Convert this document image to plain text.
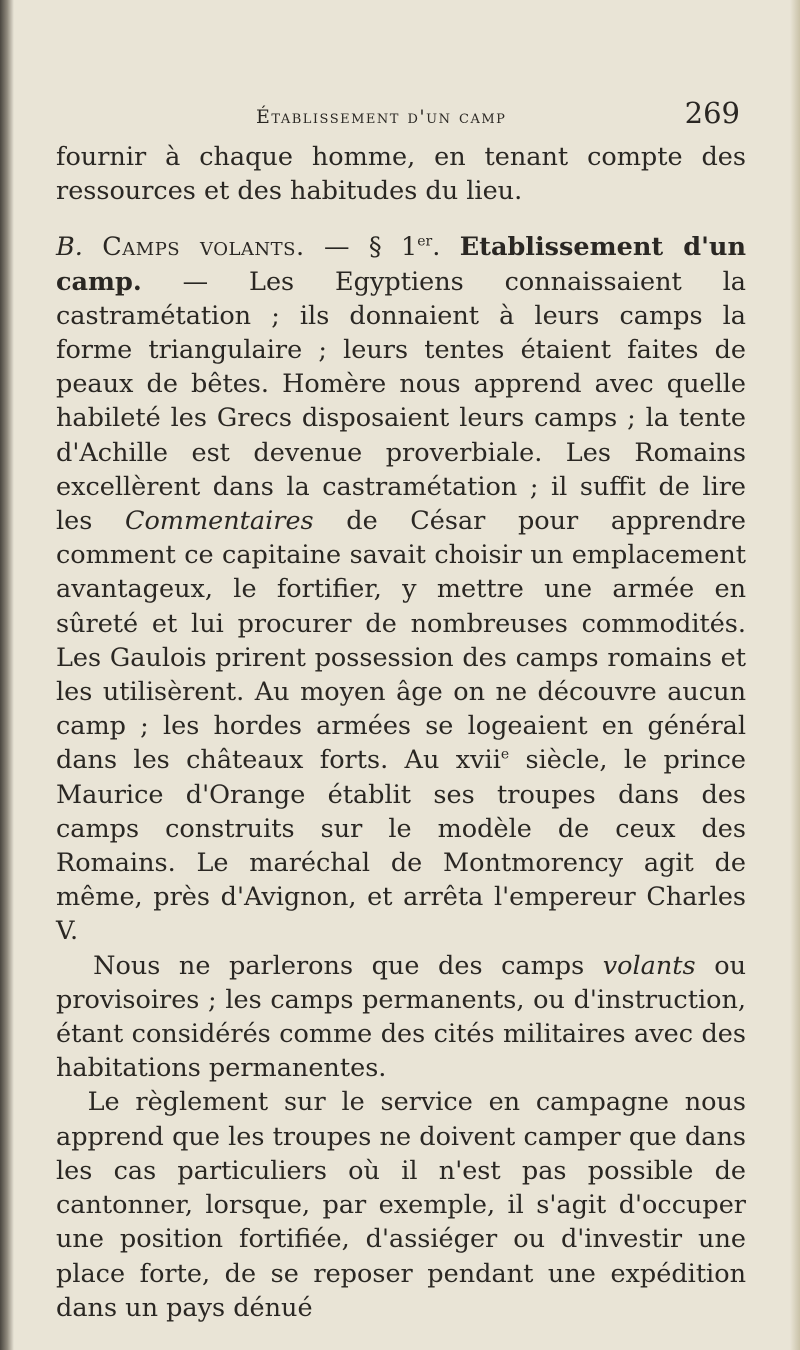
Établissement d'un camp	269

fournir à chaque homme, en tenant compte des ressources et des habitudes du lieu.

B. Camps volants. — § 1er. Etablissement d'un camp. — Les Egyptiens connaissaient la castramétation ; ils donnaient à leurs camps la forme triangulaire ; leurs tentes étaient faites de peaux de bêtes. Homère nous apprend avec quelle habileté les Grecs disposaient leurs camps ; la tente d'Achille est devenue proverbiale. Les Romains excellèrent dans la castramétation ; il suffit de lire les Commentaires de César pour apprendre comment ce capitaine savait choisir un emplacement avantageux, le fortifier, y mettre une armée en sûreté et lui procurer de nombreuses commodités. Les Gaulois prirent possession des camps romains et les utilisèrent. Au moyen âge on ne découvre aucun camp ; les hordes armées se logeaient en général dans les châteaux forts. Au xvii$^e$ siècle, le prince Maurice d'Orange établit ses troupes dans des camps construits sur le modèle de ceux des Romains. Le maréchal de Montmorency agit de même, près d'Avignon, et arrêta l'empereur Charles V.

Nous ne parlerons que des camps volants ou provisoires ; les camps permanents, ou d'instruction, étant considérés comme des cités militaires avec des habitations permanentes.

Le règlement sur le service en campagne nous apprend que les troupes ne doivent camper que dans les cas particuliers où il n'est pas possible de cantonner, lorsque, par exemple, il s'agit d'occuper une position fortifiée, d'assiéger ou d'investir une place forte, de se reposer pendant une expédition dans un pays dénué
